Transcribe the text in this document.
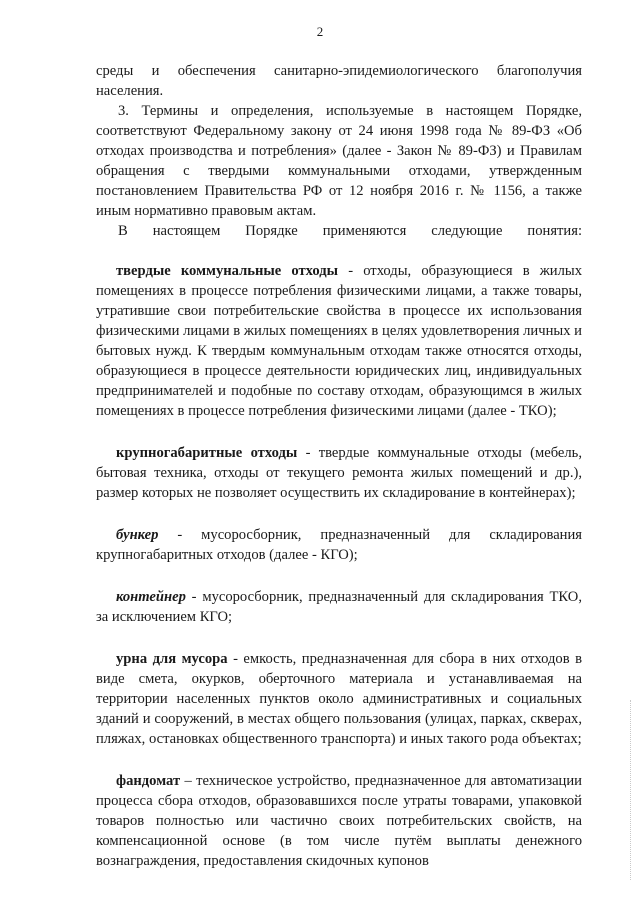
2

среды и обеспечения санитарно-эпидемиологического благополучия населения.

3. Термины и определения, используемые в настоящем Порядке, соответствуют Федеральному закону от 24 июня 1998 года № 89-ФЗ «Об отходах производства и потребления» (далее - Закон № 89-ФЗ) и Правилам обращения с твердыми коммунальными отходами, утвержденным постановлением Правительства РФ от 12 ноября 2016 г. № 1156, а также иным нормативно правовым актам.

В настоящем Порядке применяются следующие понятия:

твердые коммунальные отходы - отходы, образующиеся в жилых помещениях в процессе потребления физическими лицами, а также товары, утратившие свои потребительские свойства в процессе их использования физическими лицами в жилых помещениях в целях удовлетворения личных и бытовых нужд. К твердым коммунальным отходам также относятся отходы, образующиеся в процессе деятельности юридических лиц, индивидуальных предпринимателей и подобные по составу отходам, образующимся в жилых помещениях в процессе потребления физическими лицами (далее - ТКО);

крупногабаритные отходы - твердые коммунальные отходы (мебель, бытовая техника, отходы от текущего ремонта жилых помещений и др.), размер которых не позволяет осуществить их складирование в контейнерах);

бункер - мусоросборник, предназначенный для складирования крупногабаритных отходов (далее - КГО);

контейнер - мусоросборник, предназначенный для складирования ТКО, за исключением КГО;

урна для мусора - емкость, предназначенная для сбора в них отходов в виде смета, окурков, оберточного материала и устанавливаемая на территории населенных пунктов около административных и социальных зданий и сооружений, в местах общего пользования (улицах, парках, скверах, пляжах, остановках общественного транспорта) и иных такого рода объектах;

фандомат – техническое устройство, предназначенное для автоматизации процесса сбора отходов, образовавшихся после утраты товарами, упаковкой товаров полностью или частично своих потребительских свойств, на компенсационной основе (в том числе путём выплаты денежного вознаграждения, предоставления скидочных купонов
